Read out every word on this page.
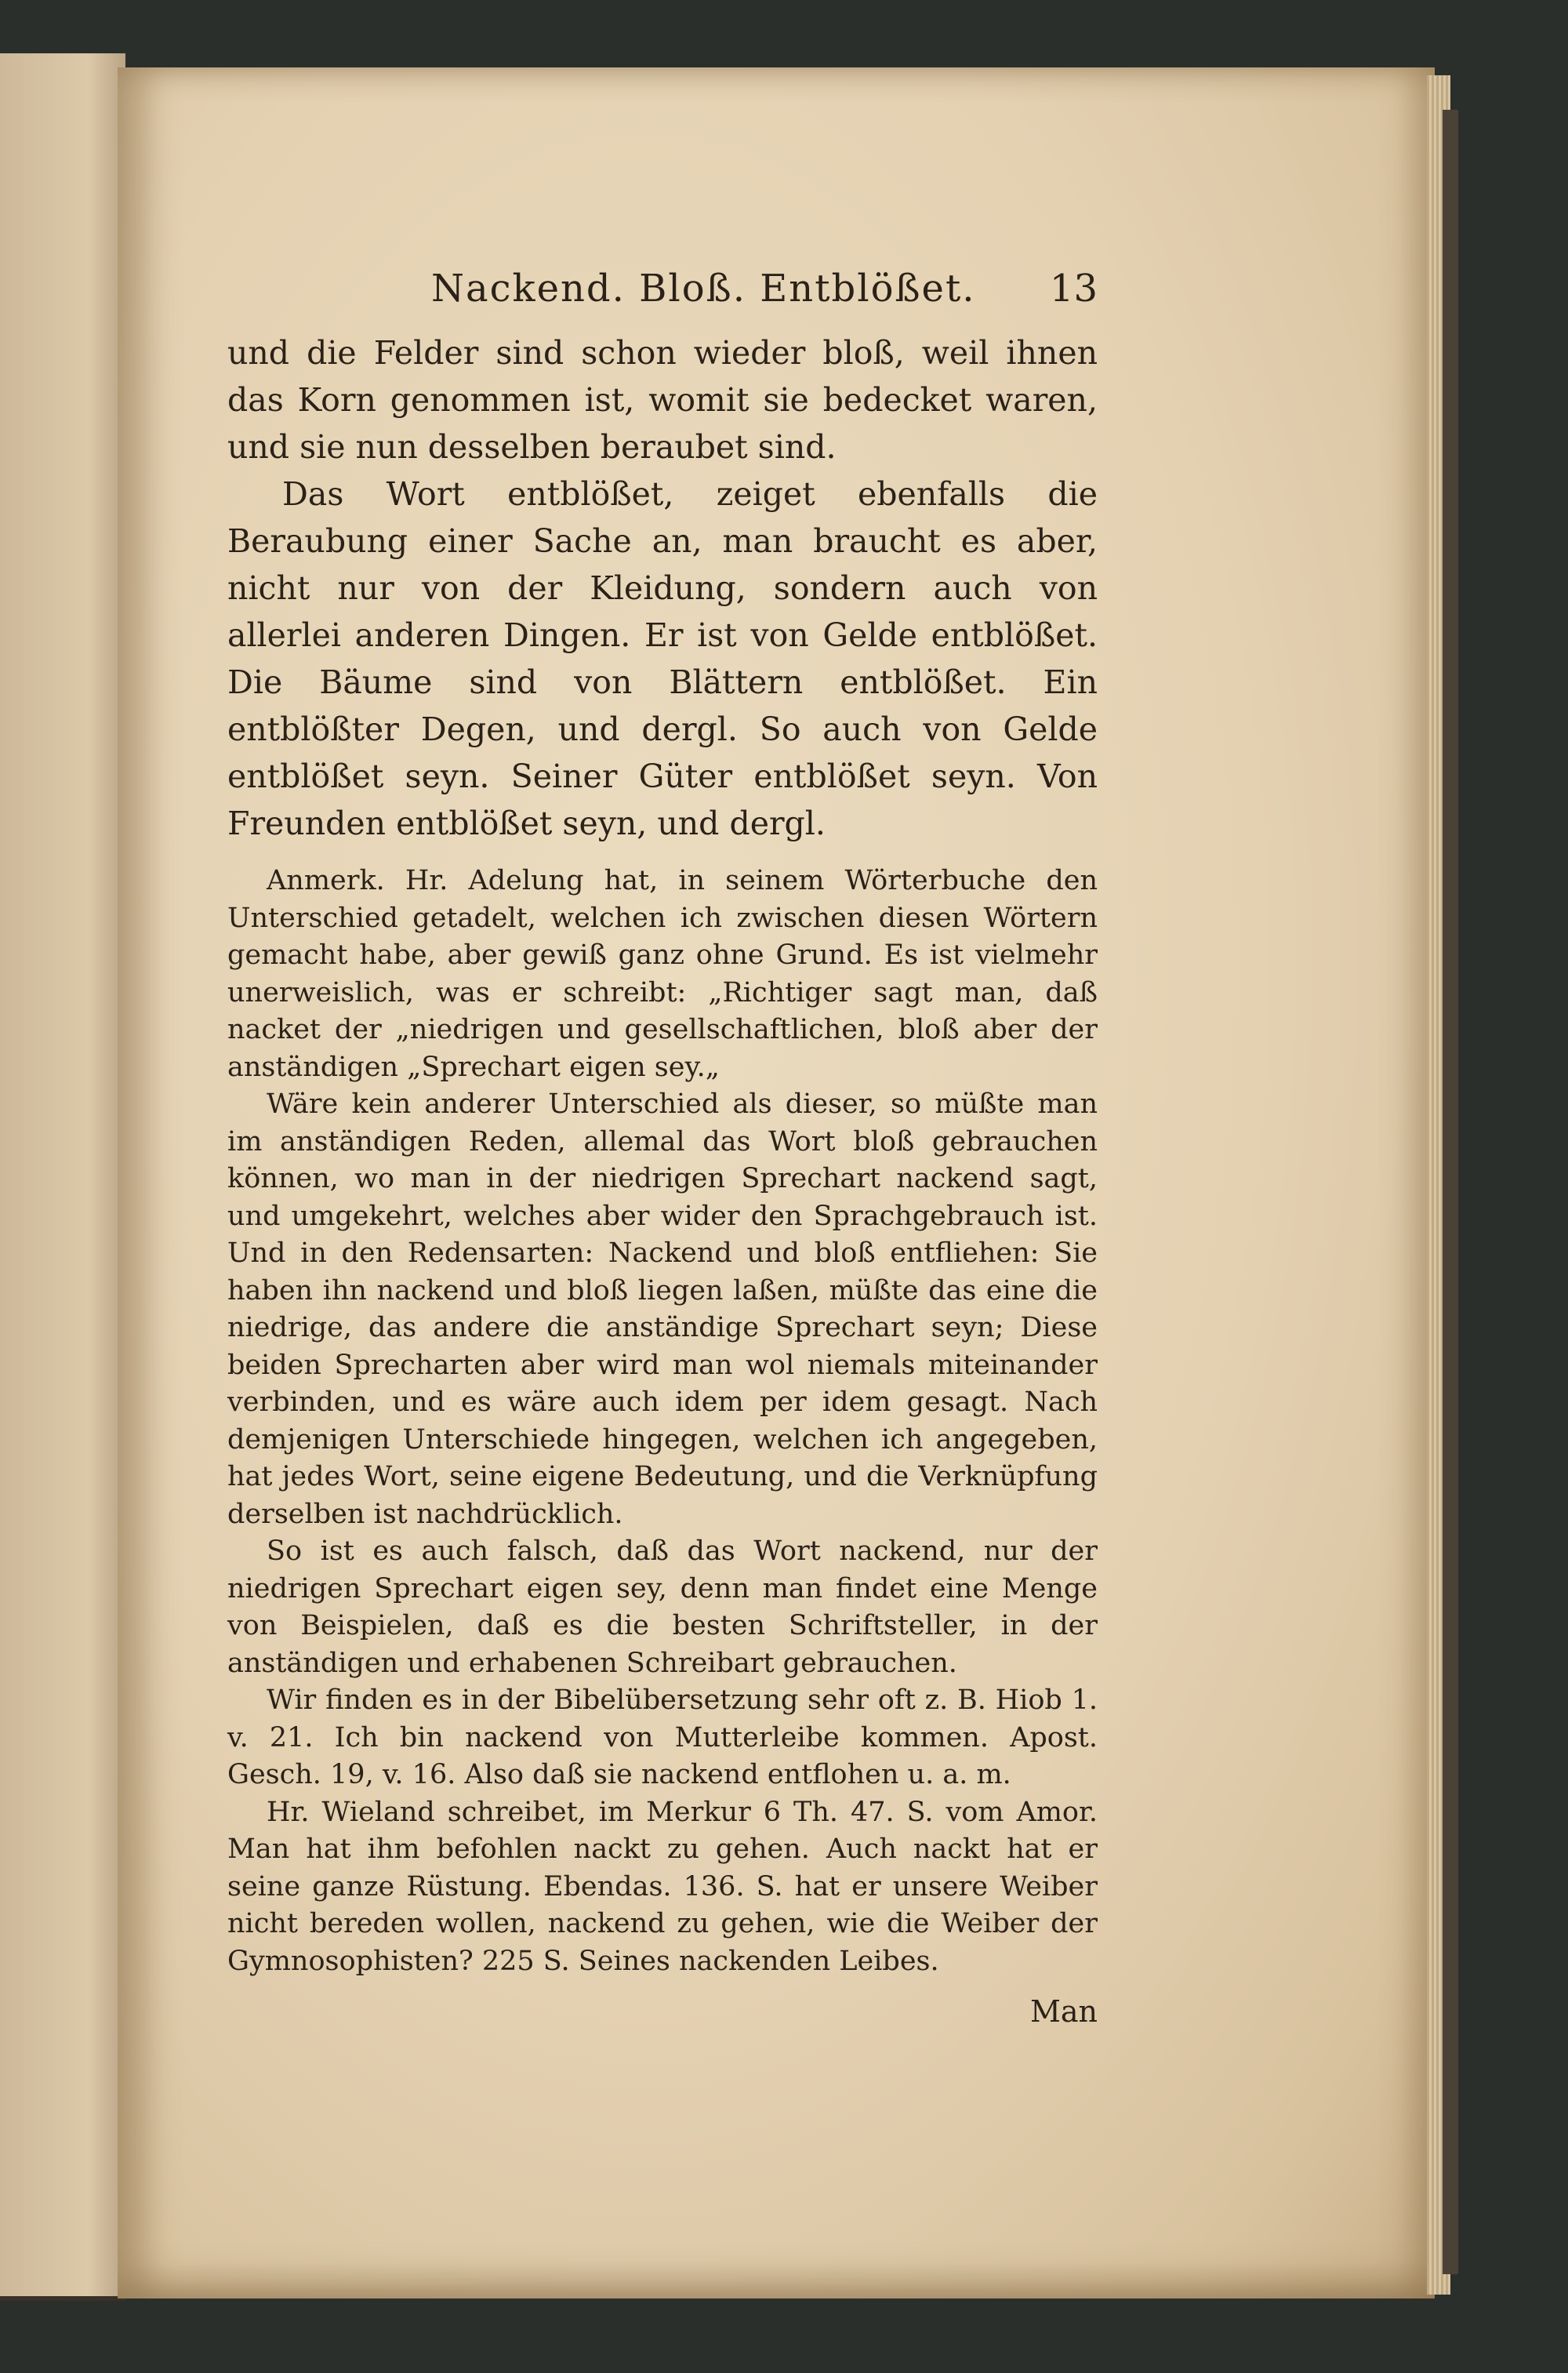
Nackend. Bloß. Entblößet. 13

und die Felder sind schon wieder bloß, weil ihnen das Korn genommen ist, womit sie bedecket waren, und sie nun desselben beraubet sind.

Das Wort entblößet, zeiget ebenfalls die Beraubung einer Sache an, man braucht es aber, nicht nur von der Kleidung, sondern auch von allerlei anderen Dingen. Er ist von Gelde entblößet. Die Bäume sind von Blättern entblößet. Ein entblößter Degen, und dergl. So auch von Gelde entblößet seyn. Seiner Güter entblößet seyn. Von Freunden entblößet seyn, und dergl.

Anmerk. Hr. Adelung hat, in seinem Wörterbuche den Unterschied getadelt, welchen ich zwischen diesen Wörtern gemacht habe, aber gewiß ganz ohne Grund. Es ist vielmehr unerweislich, was er schreibt: „Richtiger sagt man, daß nacket der „niedrigen und gesellschaftlichen, bloß aber der anständigen „Sprechart eigen sey.„

Wäre kein anderer Unterschied als dieser, so müßte man im anständigen Reden, allemal das Wort bloß gebrauchen können, wo man in der niedrigen Sprechart nackend sagt, und umgekehrt, welches aber wider den Sprachgebrauch ist. Und in den Redensarten: Nackend und bloß entfliehen: Sie haben ihn nackend und bloß liegen laßen, müßte das eine die niedrige, das andere die anständige Sprechart seyn; Diese beiden Sprecharten aber wird man wol niemals miteinander verbinden, und es wäre auch idem per idem gesagt. Nach demjenigen Unterschiede hingegen, welchen ich angegeben, hat jedes Wort, seine eigene Bedeutung, und die Verknüpfung derselben ist nachdrücklich.

So ist es auch falsch, daß das Wort nackend, nur der niedrigen Sprechart eigen sey, denn man findet eine Menge von Beispielen, daß es die besten Schriftsteller, in der anständigen und erhabenen Schreibart gebrauchen.

Wir finden es in der Bibelübersetzung sehr oft z. B. Hiob 1. v. 21. Ich bin nackend von Mutterleibe kommen. Apost. Gesch. 19, v. 16. Also daß sie nackend entflohen u. a. m.

Hr. Wieland schreibet, im Merkur 6 Th. 47. S. vom Amor. Man hat ihm befohlen nackt zu gehen. Auch nackt hat er seine ganze Rüstung. Ebendas. 136. S. hat er unsere Weiber nicht bereden wollen, nackend zu gehen, wie die Weiber der Gymnosophisten? 225 S. Seines nackenden Leibes.

Man
